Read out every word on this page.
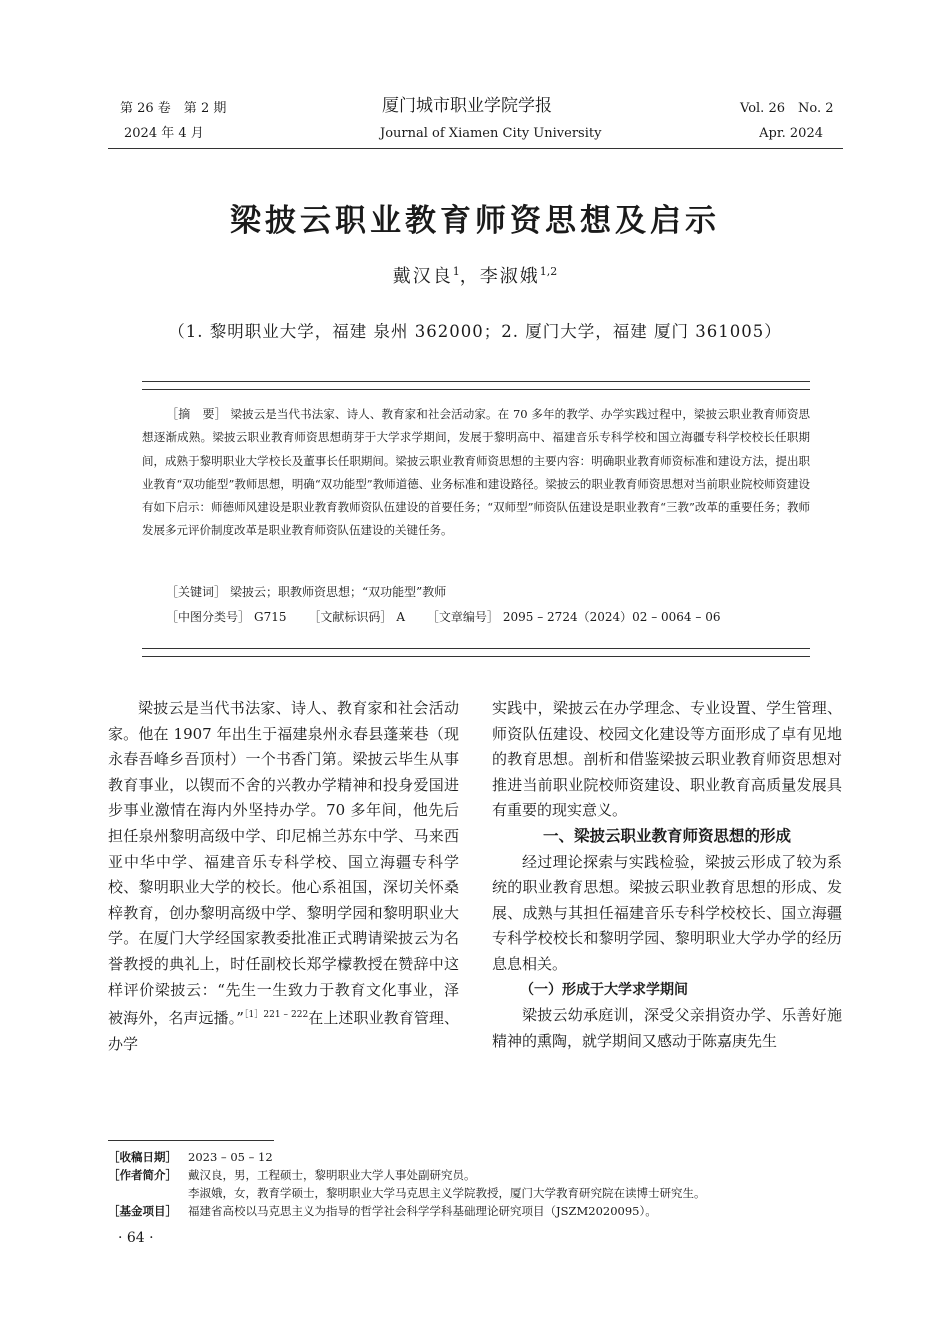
第 26 卷　第 2 期
2024 年 4 月
厦门城市职业学院学报
Journal of Xiamen City University
Vol. 26　No. 2
Apr. 2024
梁披云职业教育师资思想及启示
戴汉良$^1$，李淑娥$^{1,2}$
（1. 黎明职业大学，福建 泉州 362000；2. 厦门大学，福建 厦门 361005）
［摘　要］ 梁披云是当代书法家、诗人、教育家和社会活动家。在 70 多年的教学、办学实践过程中，梁披云职业教育师资思想逐渐成熟。梁披云职业教育师资思想萌芽于大学求学期间，发展于黎明高中、福建音乐专科学校和国立海疆专科学校校长任职期间，成熟于黎明职业大学校长及董事长任职期间。梁披云职业教育师资思想的主要内容：明确职业教育师资标准和建设方法，提出职业教育“双功能型”教师思想，明确“双功能型”教师道德、业务标准和建设路径。梁披云的职业教育师资思想对当前职业院校师资建设有如下启示：师德师风建设是职业教育教师资队伍建设的首要任务；“双师型”师资队伍建设是职业教育“三教”改革的重要任务；教师发展多元评价制度改革是职业教育师资队伍建设的关键任务。
［关键词］ 梁披云；职教师资思想；“双功能型”教师
［中图分类号］ G715 ［文献标识码］ A ［文章编号］ 2095 – 2724（2024）02 – 0064 – 06

梁披云是当代书法家、诗人、教育家和社会活动家。他在 1907 年出生于福建泉州永春县蓬莱巷（现永春吾峰乡吾顶村）一个书香门第。梁披云毕生从事教育事业，以锲而不舍的兴教办学精神和投身爱国进步事业激情在海内外坚持办学。70 多年间，他先后担任泉州黎明高级中学、印尼棉兰苏东中学、马来西亚中华中学、福建音乐专科学校、国立海疆专科学校、黎明职业大学的校长。他心系祖国，深切关怀桑梓教育，创办黎明高级中学、黎明学园和黎明职业大学。在厦门大学经国家教委批准正式聘请梁披云为名誉教授的典礼上，时任副校长郑学檬教授在赞辞中这样评价梁披云：“先生一生致力于教育文化事业，泽被海外，名声远播。”$^{[1]221 - 222}$在上述职业教育管理、办学

实践中，梁披云在办学理念、专业设置、学生管理、师资队伍建设、校园文化建设等方面形成了卓有见地的教育思想。剖析和借鉴梁披云职业教育师资思想对推进当前职业院校师资建设、职业教育高质量发展具有重要的现实意义。

一、梁披云职业教育师资思想的形成

经过理论探索与实践检验，梁披云形成了较为系统的职业教育思想。梁披云职业教育思想的形成、发展、成熟与其担任福建音乐专科学校校长、国立海疆专科学校校长和黎明学园、黎明职业大学办学的经历息息相关。

（一）形成于大学求学期间

梁披云幼承庭训，深受父亲捐资办学、乐善好施精神的熏陶，就学期间又感动于陈嘉庚先生

［收稿日期］ 2023 – 05 – 12
［作者简介］ 戴汉良，男，工程硕士，黎明职业大学人事处副研究员。
李淑娥，女，教育学硕士，黎明职业大学马克思主义学院教授，厦门大学教育研究院在读博士研究生。
［基金项目］ 福建省高校以马克思主义为指导的哲学社会科学学科基础理论研究项目（JSZM2020095）。
· 64 ·
